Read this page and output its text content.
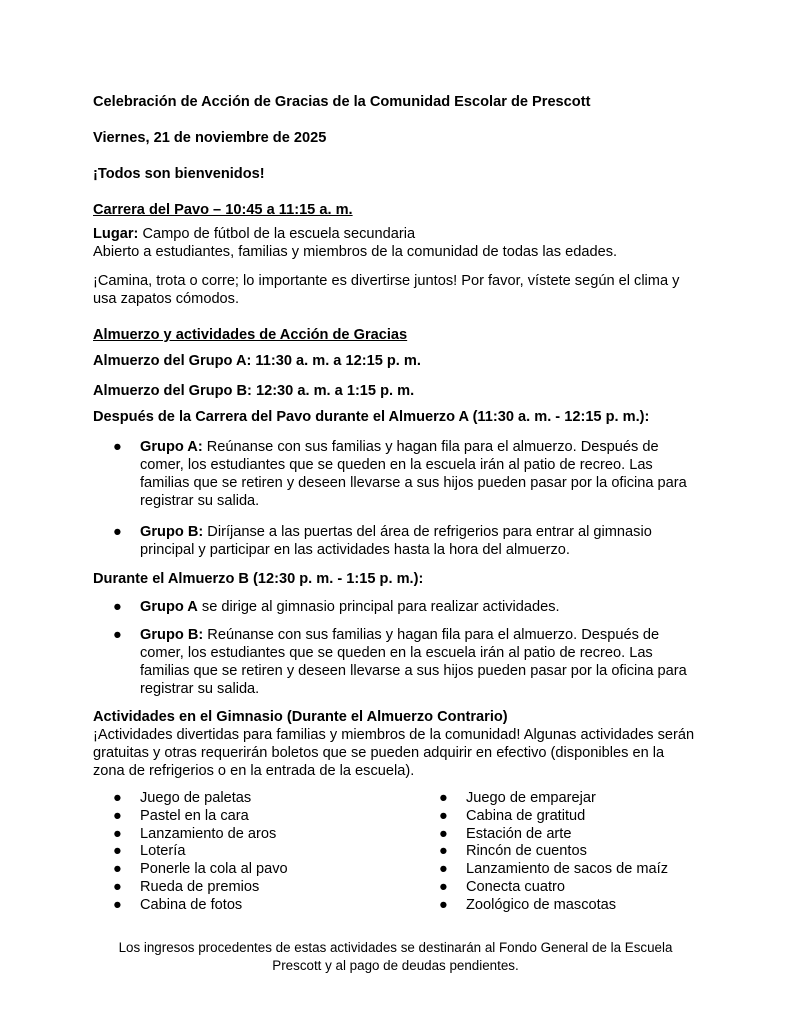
Celebración de Acción de Gracias de la Comunidad Escolar de Prescott
Viernes, 21 de noviembre de 2025
¡Todos son bienvenidos!
Carrera del Pavo – 10:45 a 11:15 a. m.
Lugar: Campo de fútbol de la escuela secundaria
Abierto a estudiantes, familias y miembros de la comunidad de todas las edades.
¡Camina, trota o corre; lo importante es divertirse juntos! Por favor, vístete según el clima y usa zapatos cómodos.
Almuerzo y actividades de Acción de Gracias
Almuerzo del Grupo A: 11:30 a. m. a 12:15 p. m.
Almuerzo del Grupo B: 12:30 a. m. a 1:15 p. m.
Después de la Carrera del Pavo durante el Almuerzo A (11:30 a. m. - 12:15 p. m.):
● Grupo A: Reúnanse con sus familias y hagan fila para el almuerzo. Después de comer, los estudiantes que se queden en la escuela irán al patio de recreo. Las familias que se retiren y deseen llevarse a sus hijos pueden pasar por la oficina para registrar su salida.
● Grupo B: Diríjanse a las puertas del área de refrigerios para entrar al gimnasio principal y participar en las actividades hasta la hora del almuerzo.
Durante el Almuerzo B (12:30 p. m. - 1:15 p. m.):
● Grupo A se dirige al gimnasio principal para realizar actividades.
● Grupo B: Reúnanse con sus familias y hagan fila para el almuerzo. Después de comer, los estudiantes que se queden en la escuela irán al patio de recreo. Las familias que se retiren y deseen llevarse a sus hijos pueden pasar por la oficina para registrar su salida.
Actividades en el Gimnasio (Durante el Almuerzo Contrario)
¡Actividades divertidas para familias y miembros de la comunidad! Algunas actividades serán gratuitas y otras requerirán boletos que se pueden adquirir en efectivo (disponibles en la zona de refrigerios o en la entrada de la escuela).
● Juego de paletas
● Pastel en la cara
● Lanzamiento de aros
● Lotería
● Ponerle la cola al pavo
● Rueda de premios
● Cabina de fotos
● Juego de emparejar
● Cabina de gratitud
● Estación de arte
● Rincón de cuentos
● Lanzamiento de sacos de maíz
● Conecta cuatro
● Zoológico de mascotas
Los ingresos procedentes de estas actividades se destinarán al Fondo General de la Escuela Prescott y al pago de deudas pendientes.
